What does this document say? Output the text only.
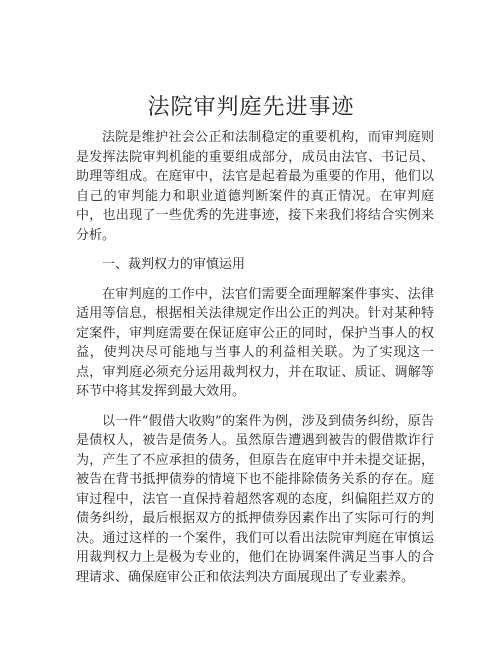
法院审判庭先进事迹

法院是维护社会公正和法制稳定的重要机构，而审判庭则是发挥法院审判机能的重要组成部分，成员由法官、书记员、助理等组成。在庭审中，法官是起着最为重要的作用，他们以自己的审判能力和职业道德判断案件的真正情况。在审判庭中，也出现了一些优秀的先进事迹，接下来我们将结合实例来分析。

一、裁判权力的审慎运用

在审判庭的工作中，法官们需要全面理解案件事实、法律适用等信息，根据相关法律规定作出公正的判决。针对某种特定案件，审判庭需要在保证庭审公正的同时，保护当事人的权益，使判决尽可能地与当事人的利益相关联。为了实现这一点，审判庭必须充分运用裁判权力，并在取证、质证、调解等环节中将其发挥到最大效用。

以一件“假借大收购”的案件为例，涉及到债务纠纷，原告是债权人，被告是债务人。虽然原告遭遇到被告的假借欺诈行为，产生了不应承担的债务，但原告在庭审中并未提交证据，被告在背书抵押债券的情境下也不能排除债务关系的存在。庭审过程中，法官一直保持着超然客观的态度，纠偏阻拦双方的债务纠纷，最后根据双方的抵押债券因素作出了实际可行的判决。通过这样的一个案件，我们可以看出法院审判庭在审慎运用裁判权力上是极为专业的，他们在协调案件满足当事人的合理请求、确保庭审公正和依法判决方面展现出了专业素养。
